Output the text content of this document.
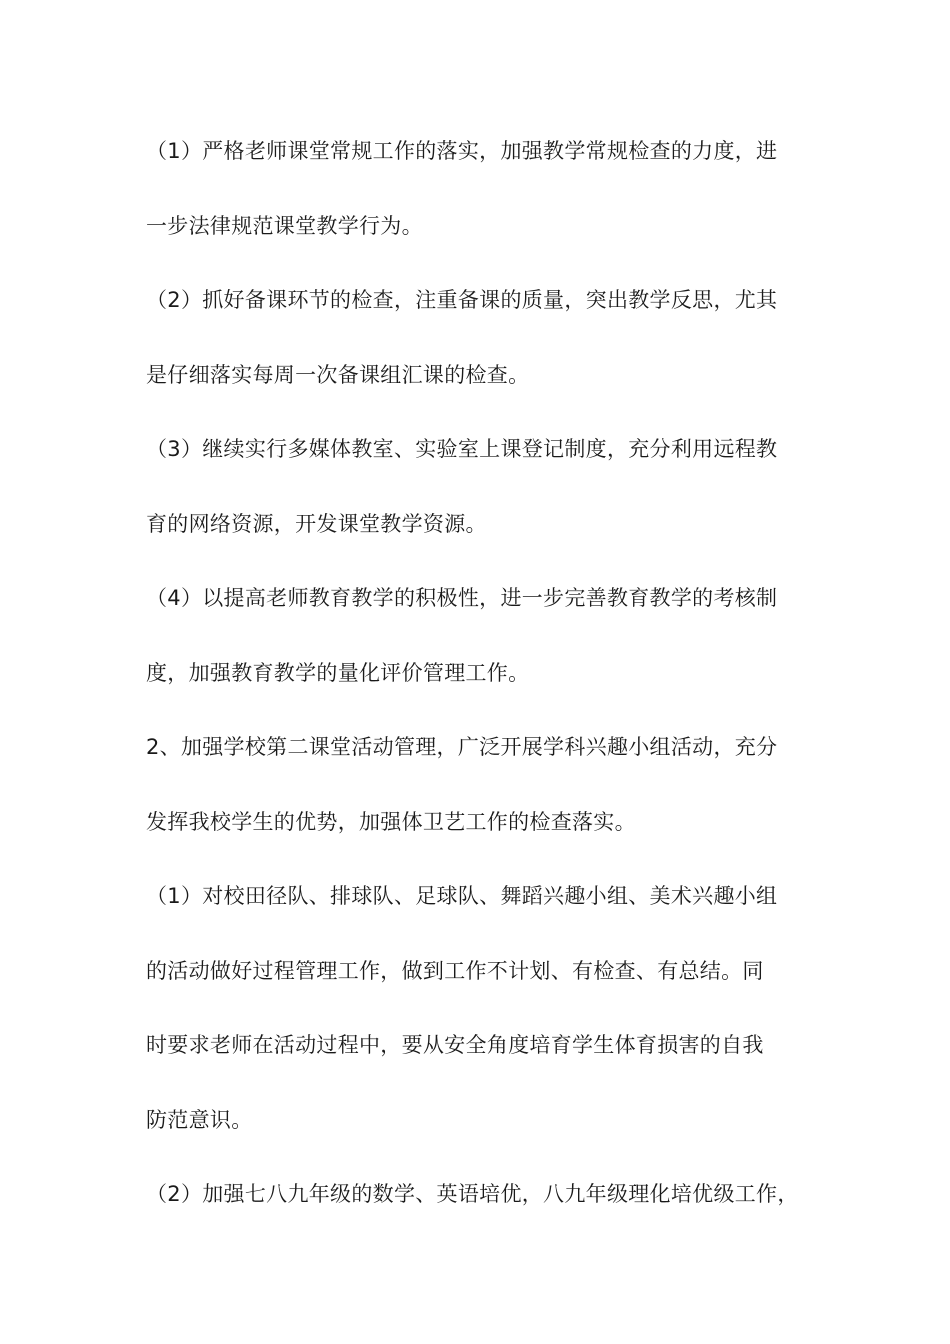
（1）严格老师课堂常规工作的落实，加强教学常规检查的力度，进
一步法律规范课堂教学行为。
（2）抓好备课环节的检查，注重备课的质量，突出教学反思，尤其
是仔细落实每周一次备课组汇课的检查。
（3）继续实行多媒体教室、实验室上课登记制度，充分利用远程教
育的网络资源，开发课堂教学资源。
（4）以提高老师教育教学的积极性，进一步完善教育教学的考核制
度，加强教育教学的量化评价管理工作。
2、加强学校第二课堂活动管理，广泛开展学科兴趣小组活动，充分
发挥我校学生的优势，加强体卫艺工作的检查落实。
（1）对校田径队、排球队、足球队、舞蹈兴趣小组、美术兴趣小组
的活动做好过程管理工作，做到工作不计划、有检查、有总结。同
时要求老师在活动过程中，要从安全角度培育学生体育损害的自我
防范意识。
（2）加强七八九年级的数学、英语培优，八九年级理化培优级工作，
